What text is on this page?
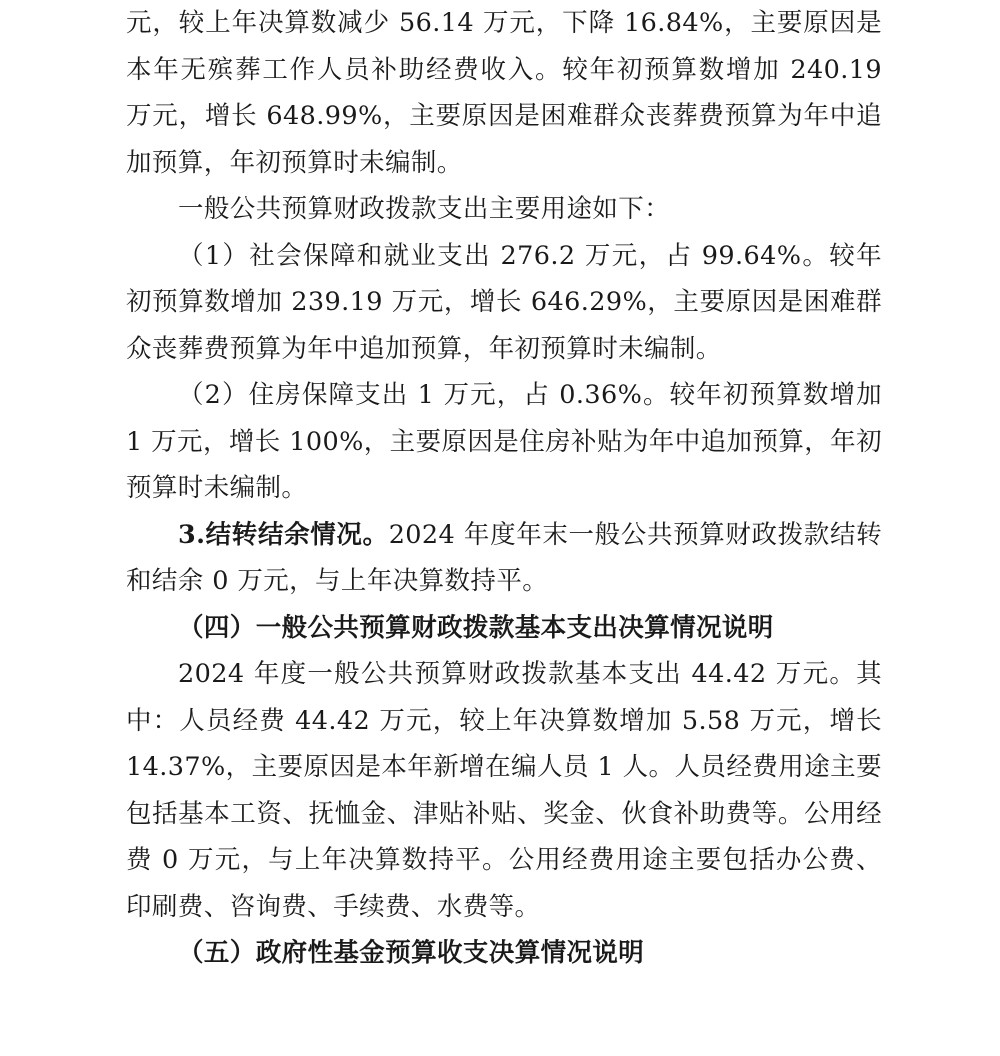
元，较上年决算数减少 56.14 万元，下降 16.84%，主要原因是本年无殡葬工作人员补助经费收入。较年初预算数增加 240.19 万元，增长 648.99%，主要原因是困难群众丧葬费预算为年中追加预算，年初预算时未编制。

一般公共预算财政拨款支出主要用途如下：

（1）社会保障和就业支出 276.2 万元，占 99.64%。较年初预算数增加 239.19 万元，增长 646.29%，主要原因是困难群众丧葬费预算为年中追加预算，年初预算时未编制。

（2）住房保障支出 1 万元，占 0.36%。较年初预算数增加 1 万元，增长 100%，主要原因是住房补贴为年中追加预算，年初预算时未编制。

3.结转结余情况。2024 年度年末一般公共预算财政拨款结转和结余 0 万元，与上年决算数持平。

（四）一般公共预算财政拨款基本支出决算情况说明

2024 年度一般公共预算财政拨款基本支出 44.42 万元。其中：人员经费 44.42 万元，较上年决算数增加 5.58 万元，增长 14.37%，主要原因是本年新增在编人员 1 人。人员经费用途主要包括基本工资、抚恤金、津贴补贴、奖金、伙食补助费等。公用经费 0 万元，与上年决算数持平。公用经费用途主要包括办公费、印刷费、咨询费、手续费、水费等。

（五）政府性基金预算收支决算情况说明
